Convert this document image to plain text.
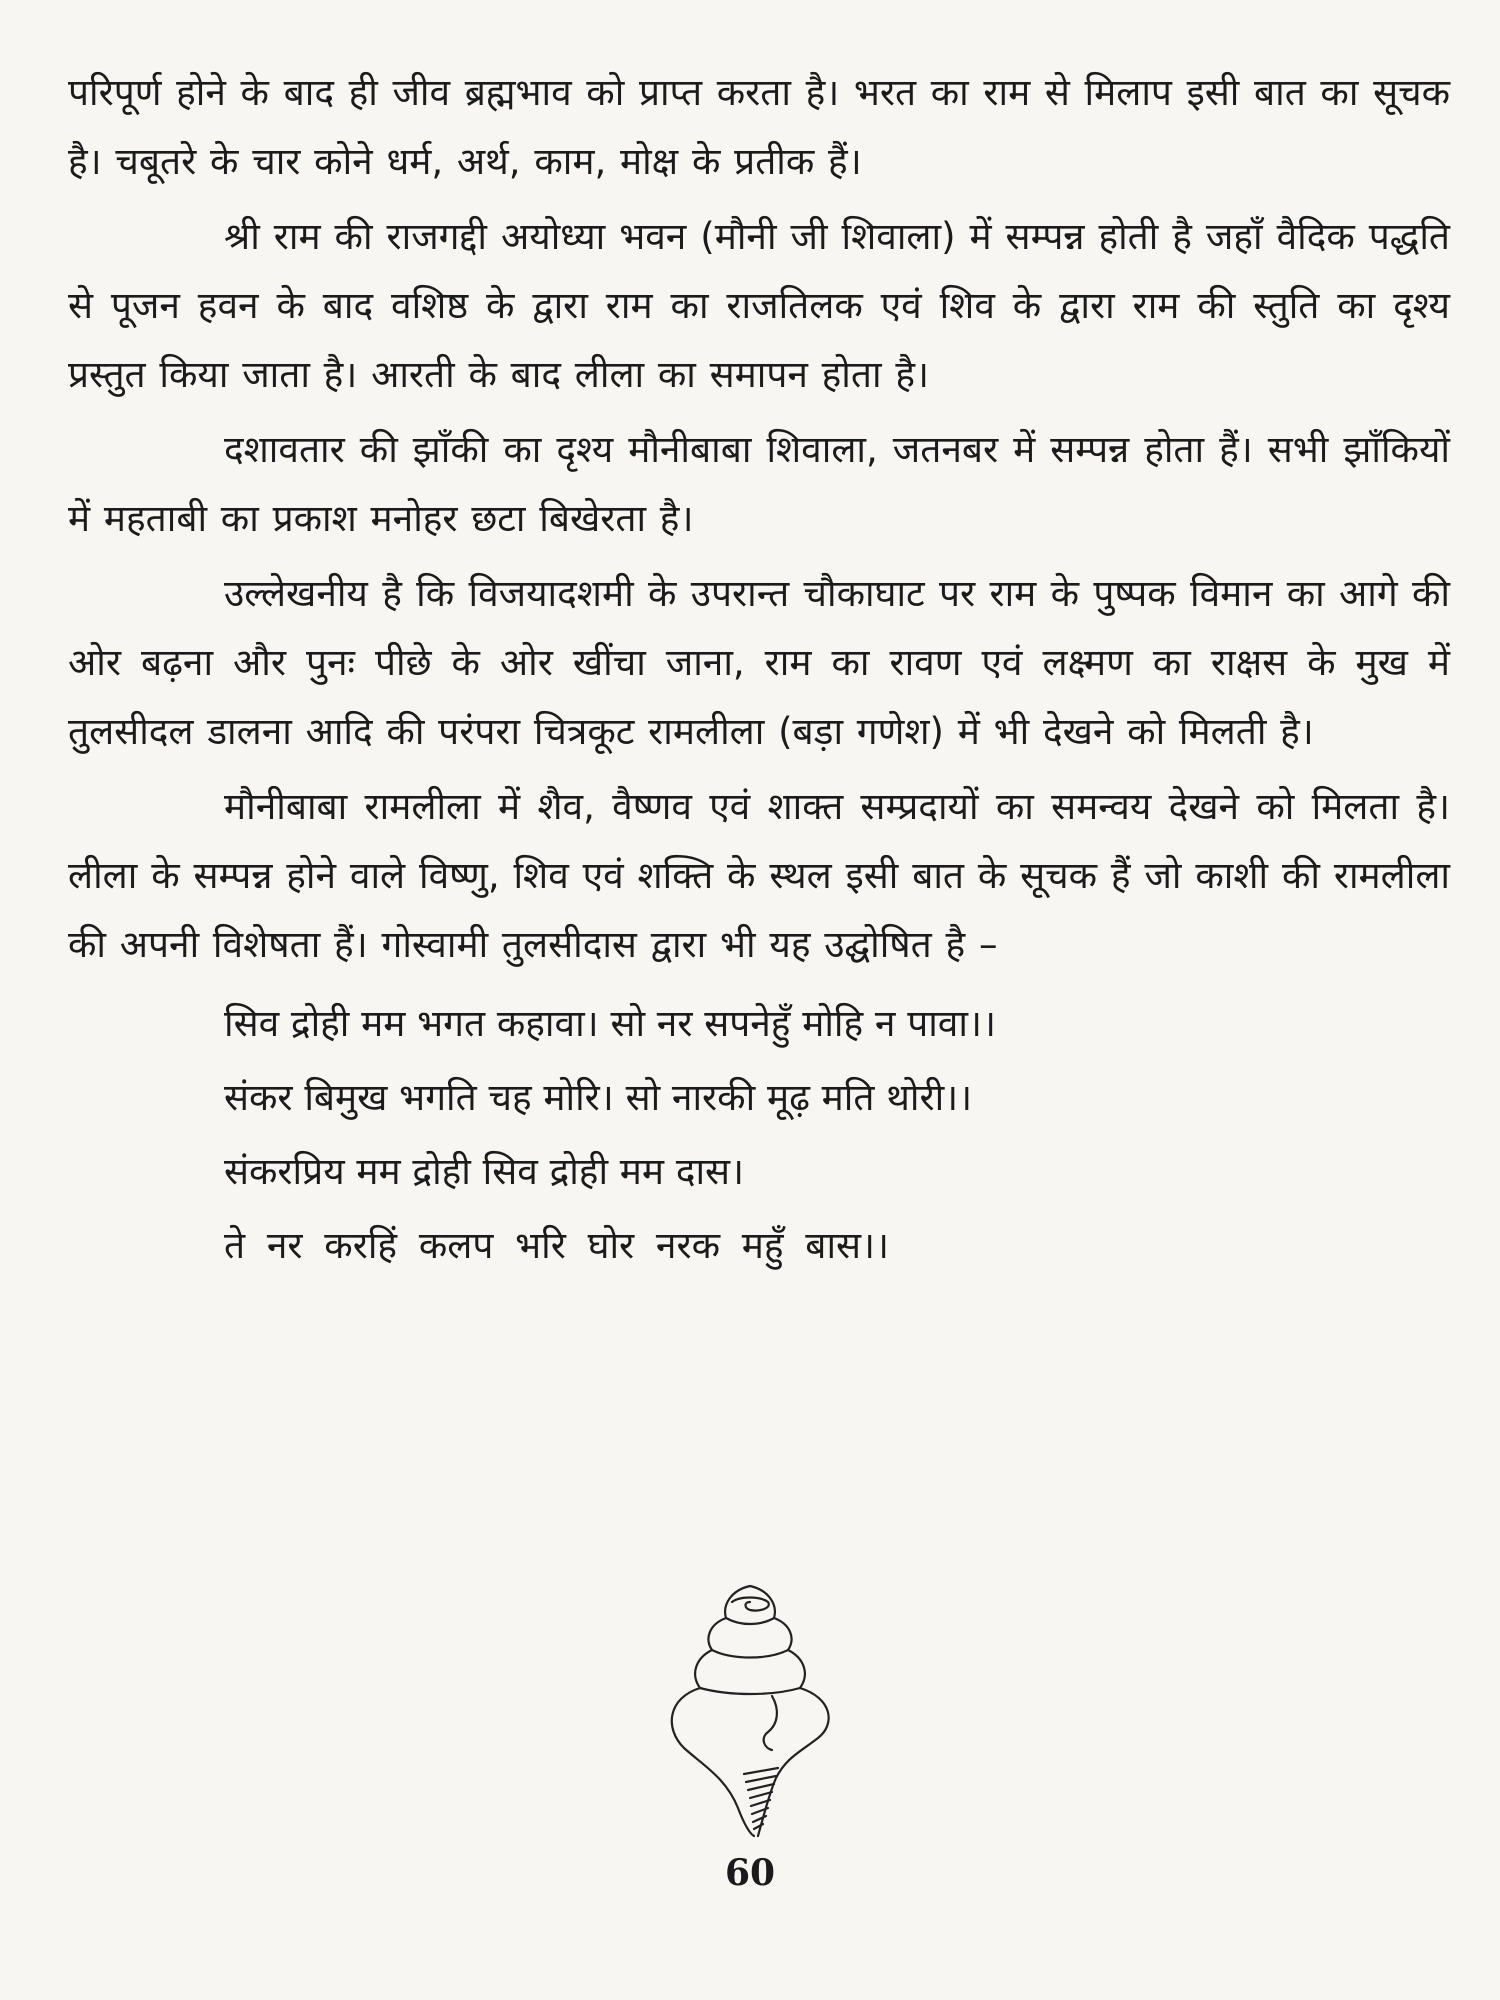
परिपूर्ण होने के बाद ही जीव ब्रह्मभाव को प्राप्त करता है। भरत का राम से मिलाप इसी बात का सूचक है। चबूतरे के चार कोने धर्म, अर्थ, काम, मोक्ष के प्रतीक हैं।

श्री राम की राजगद्दी अयोध्या भवन (मौनी जी शिवाला) में सम्पन्न होती है जहाँ वैदिक पद्धति से पूजन हवन के बाद वशिष्ठ के द्वारा राम का राजतिलक एवं शिव के द्वारा राम की स्तुति का दृश्य प्रस्तुत किया जाता है। आरती के बाद लीला का समापन होता है।

दशावतार की झाँकी का दृश्य मौनीबाबा शिवाला, जतनबर में सम्पन्न होता हैं। सभी झाँकियों में महताबी का प्रकाश मनोहर छटा बिखेरता है।

उल्लेखनीय है कि विजयादशमी के उपरान्त चौकाघाट पर राम के पुष्पक विमान का आगे की ओर बढ़ना और पुनः पीछे के ओर खींचा जाना, राम का रावण एवं लक्ष्मण का राक्षस के मुख में तुलसीदल डालना आदि की परंपरा चित्रकूट रामलीला (बड़ा गणेश) में भी देखने को मिलती है।

मौनीबाबा रामलीला में शैव, वैष्णव एवं शाक्त सम्प्रदायों का समन्वय देखने को मिलता है। लीला के सम्पन्न होने वाले विष्णु, शिव एवं शक्ति के स्थल इसी बात के सूचक हैं जो काशी की रामलीला की अपनी विशेषता हैं। गोस्वामी तुलसीदास द्वारा भी यह उद्घोषित है –

सिव द्रोही मम भगत कहावा। सो नर सपनेहुँ मोहि न पावा।।
संकर बिमुख भगति चह मोरि। सो नारकी मूढ़ मति थोरी।।
संकरप्रिय मम द्रोही सिव द्रोही मम दास।
ते नर करहिं कलप भरि घोर नरक महुँ बास।।
60
